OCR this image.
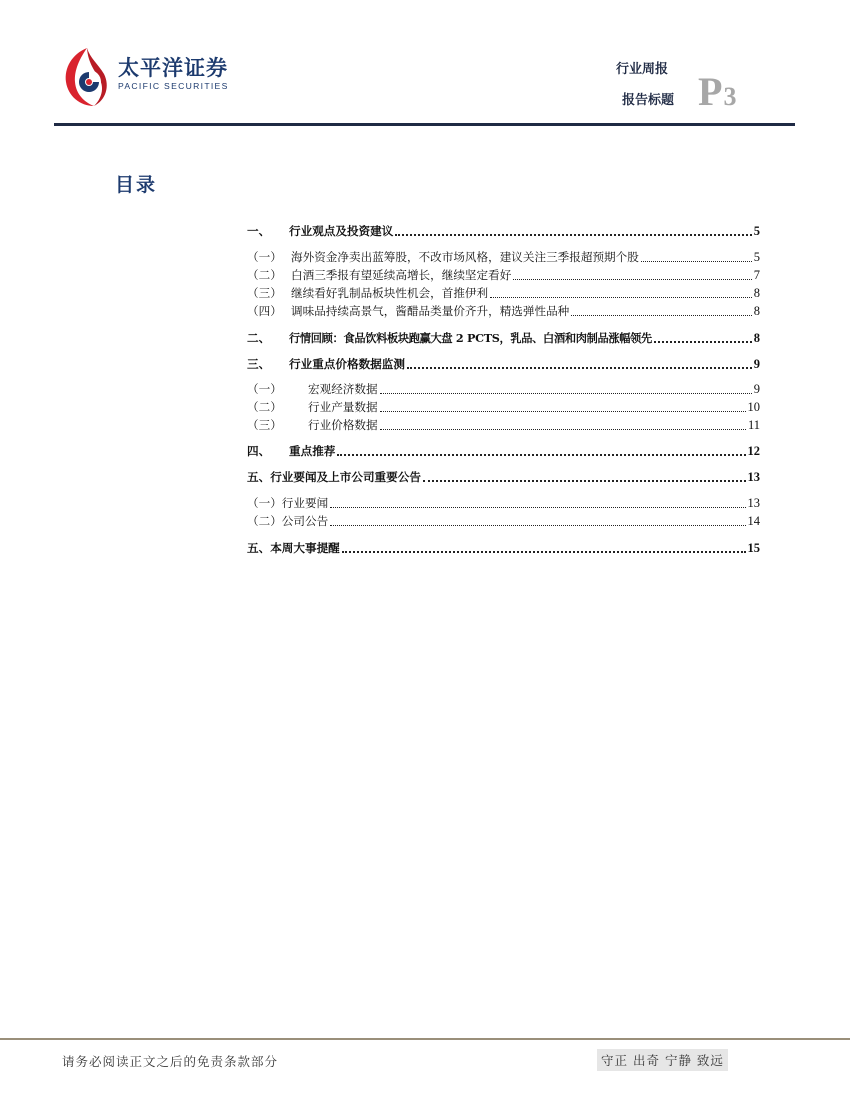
太平洋证券
PACIFIC SECURITIES
行业周报
报告标题 P3
目录
一、	行业观点及投资建议	5
（一） 海外资金净卖出蓝筹股，不改市场风格，建议关注三季报超预期个股	5
（二） 白酒三季报有望延续高增长，继续坚定看好	7
（三） 继续看好乳制品板块性机会，首推伊利	8
（四） 调味品持续高景气，酱醋品类量价齐升，精选弹性品种	8
二、	行情回顾：食品饮料板块跑赢大盘 2 PCTS，乳品、白酒和肉制品涨幅领先	8
三、	行业重点价格数据监测	9
（一）	宏观经济数据	9
（二）	行业产量数据	10
（三）	行业价格数据	11
四、	重点推荐	12
五、 行业要闻及上市公司重要公告	13
（一） 行业要闻	13
（二） 公司公告	14
五、 本周大事提醒	15
请务必阅读正文之后的免责条款部分	守正 出奇 宁静 致远
